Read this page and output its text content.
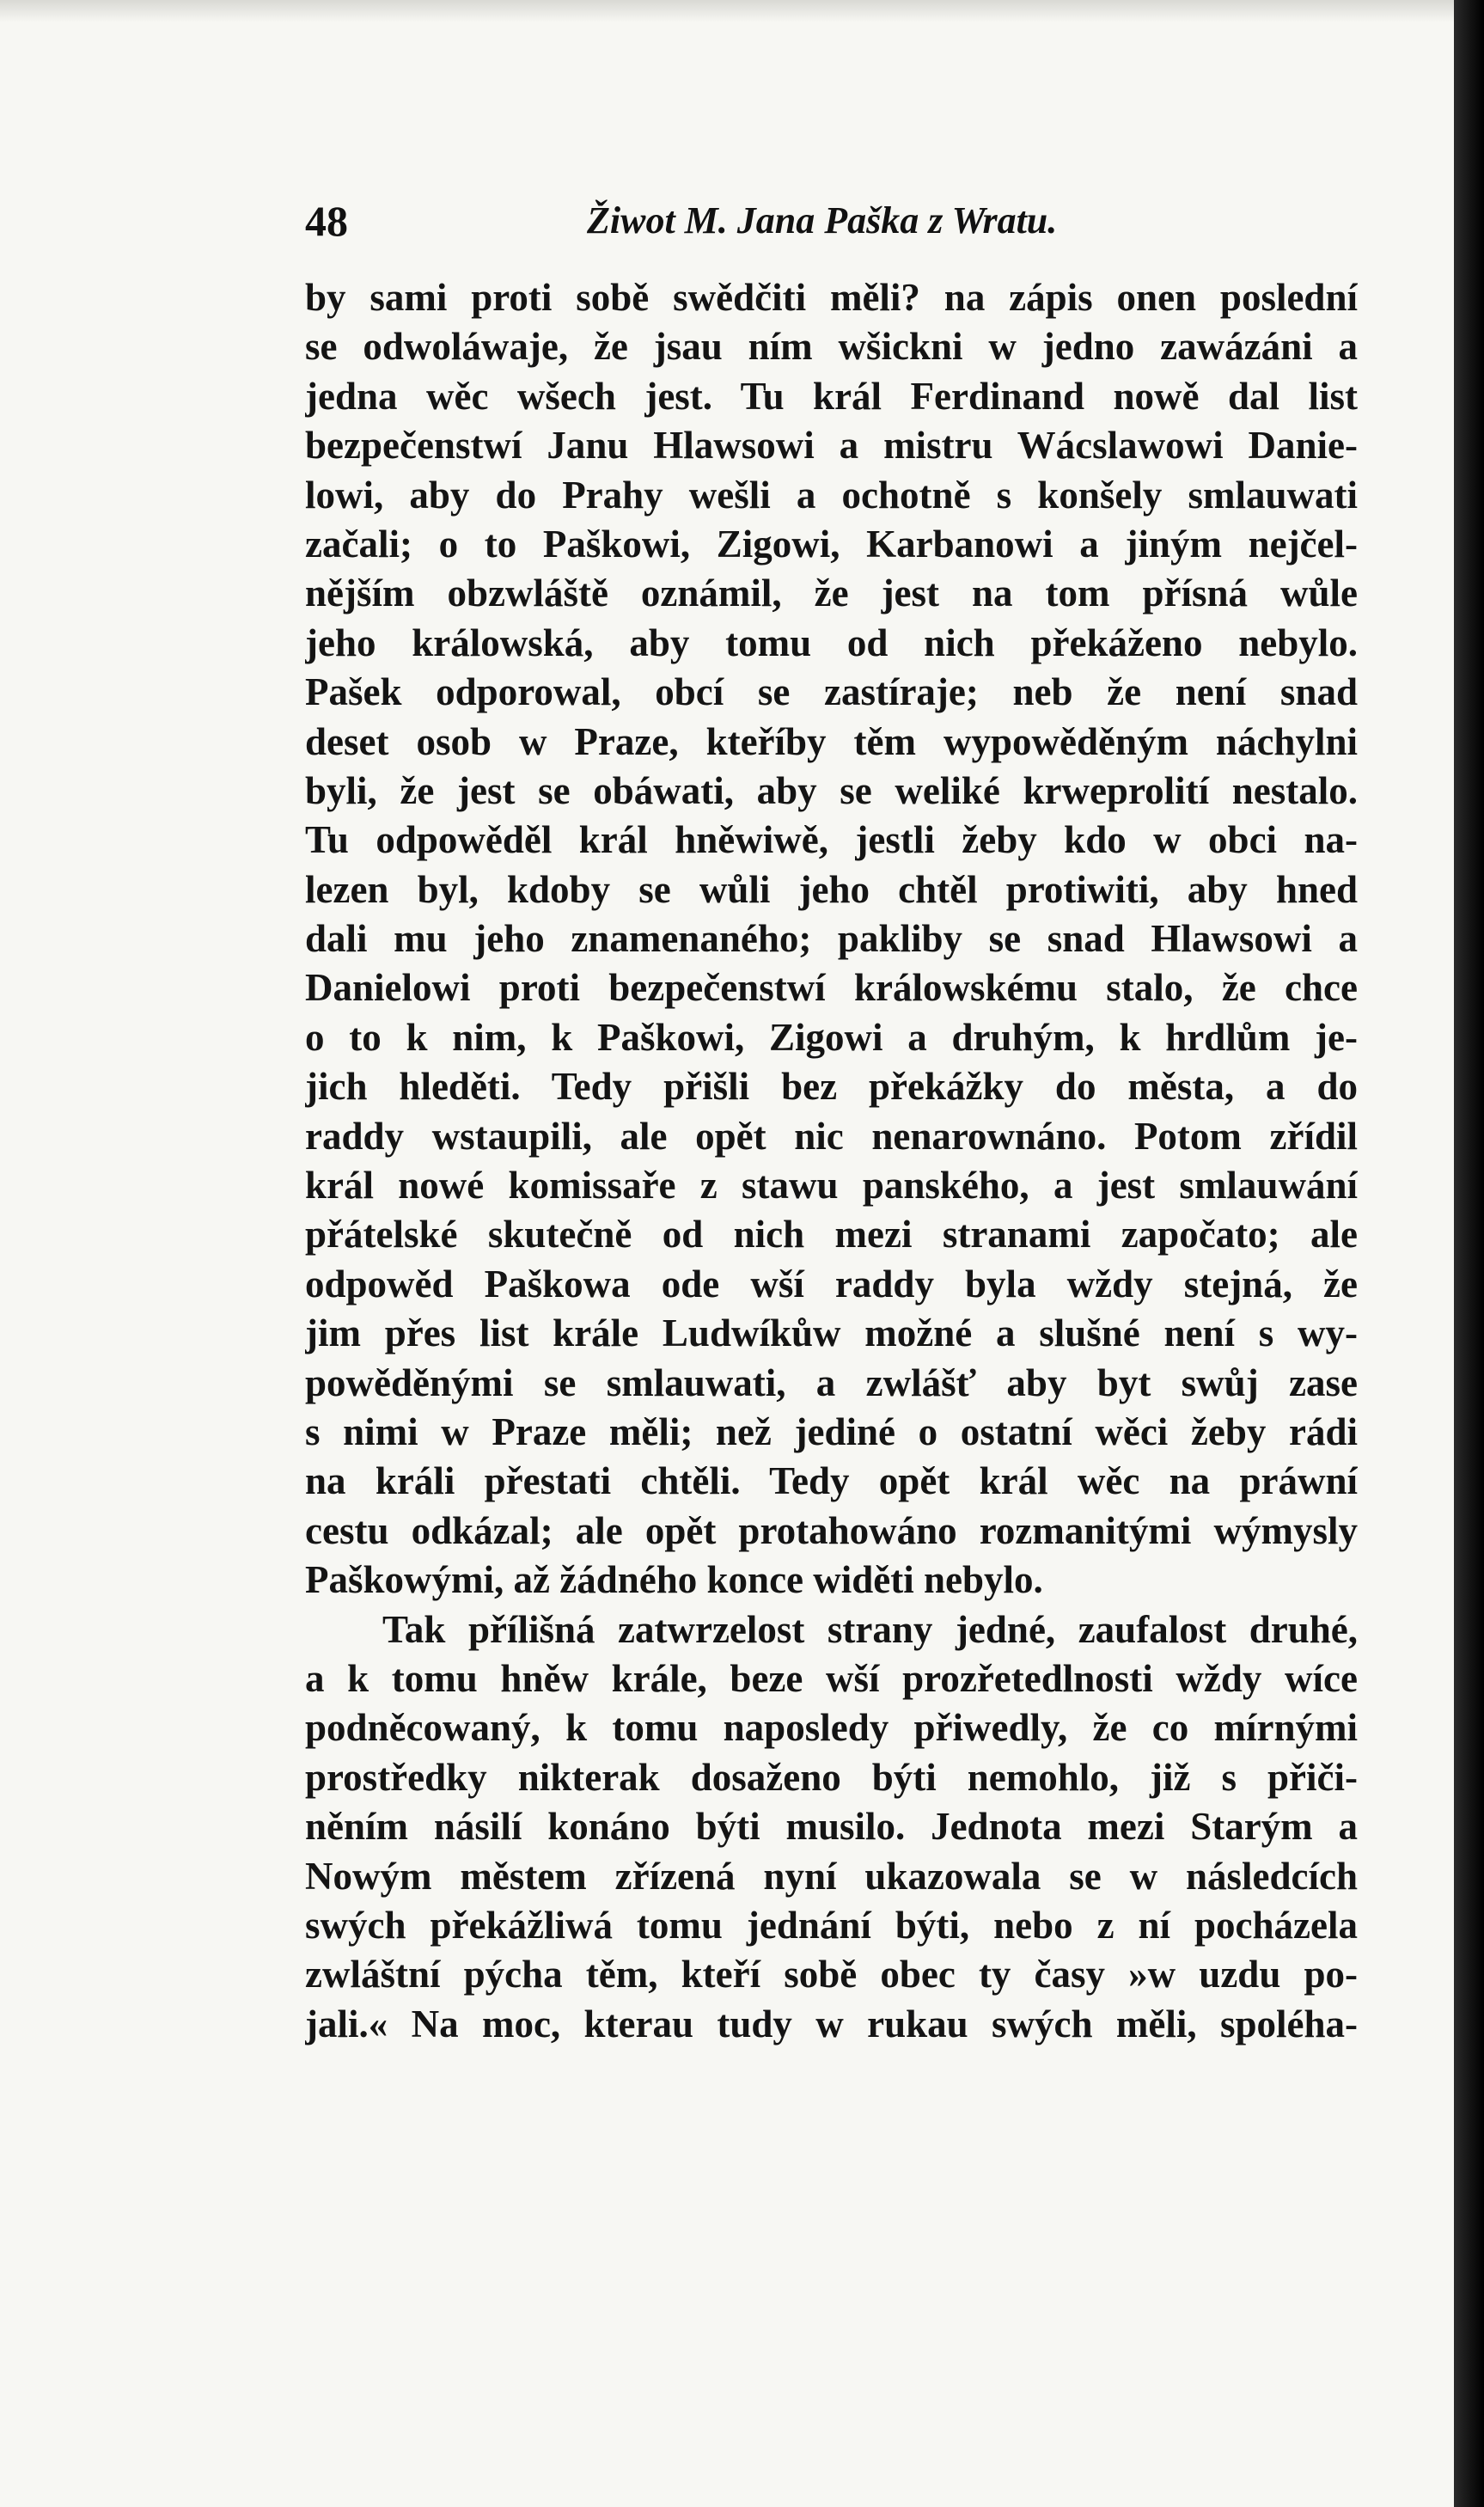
48	Žiwot M. Jana Paška z Wratu.
by sami proti sobě swědčiti měli? na zápis onen poslední
se odwoláwaje, že jsau ním wšickni w jedno zawázáni a
jedna wěc wšech jest. Tu král Ferdinand nowě dal list
bezpečenstwí Janu Hlawsowi a mistru Wácslawowi Danie-
lowi, aby do Prahy wešli a ochotně s konšely smlauwati
začali; o to Paškowi, Zigowi, Karbanowi a jiným nejčel-
nějším obzwláště oznámil, že jest na tom přísná wůle
jeho králowská, aby tomu od nich překáženo nebylo.
Pašek odporowal, obcí se zastíraje; neb že není snad
deset osob w Praze, kteříby těm wypowěděným náchylni
byli, že jest se obáwati, aby se weliké krweprolití nestalo.
Tu odpowěděl král hněwiwě, jestli žeby kdo w obci na-
lezen byl, kdoby se wůli jeho chtěl protiwiti, aby hned
dali mu jeho znamenaného; pakliby se snad Hlawsowi a
Danielowi proti bezpečenstwí králowskému stalo, že chce
o to k nim, k Paškowi, Zigowi a druhým, k hrdlům je-
jich hleděti. Tedy přišli bez překážky do města, a do
raddy wstaupili, ale opět nic nenarownáno. Potom zřídil
král nowé komissaře z stawu panského, a jest smlauwání
přátelské skutečně od nich mezi stranami započato; ale
odpowěd Paškowa ode wší raddy byla wždy stejná, že
jim přes list krále Ludwíkůw možné a slušné není s wy-
powěděnými se smlauwati, a zwlášť aby byt swůj zase
s nimi w Praze měli; než jediné o ostatní wěci žeby rádi
na králi přestati chtěli. Tedy opět král wěc na práwní
cestu odkázal; ale opět protahowáno rozmanitými wýmysly
Paškowými, až žádného konce widěti nebylo.
Tak přílišná zatwrzelost strany jedné, zaufalost druhé,
a k tomu hněw krále, beze wší prozřetedlnosti wždy wíce
podněcowaný, k tomu naposledy přiwedly, že co mírnými
prostředky nikterak dosaženo býti nemohlo, již s přiči-
něním násilí konáno býti musilo. Jednota mezi Starým a
Nowým městem zřízená nyní ukazowala se w následcích
swých překážliwá tomu jednání býti, nebo z ní pocházela
zwláštní pýcha těm, kteří sobě obec ty časy »w uzdu po-
jali.« Na moc, kterau tudy w rukau swých měli, spoléha-
